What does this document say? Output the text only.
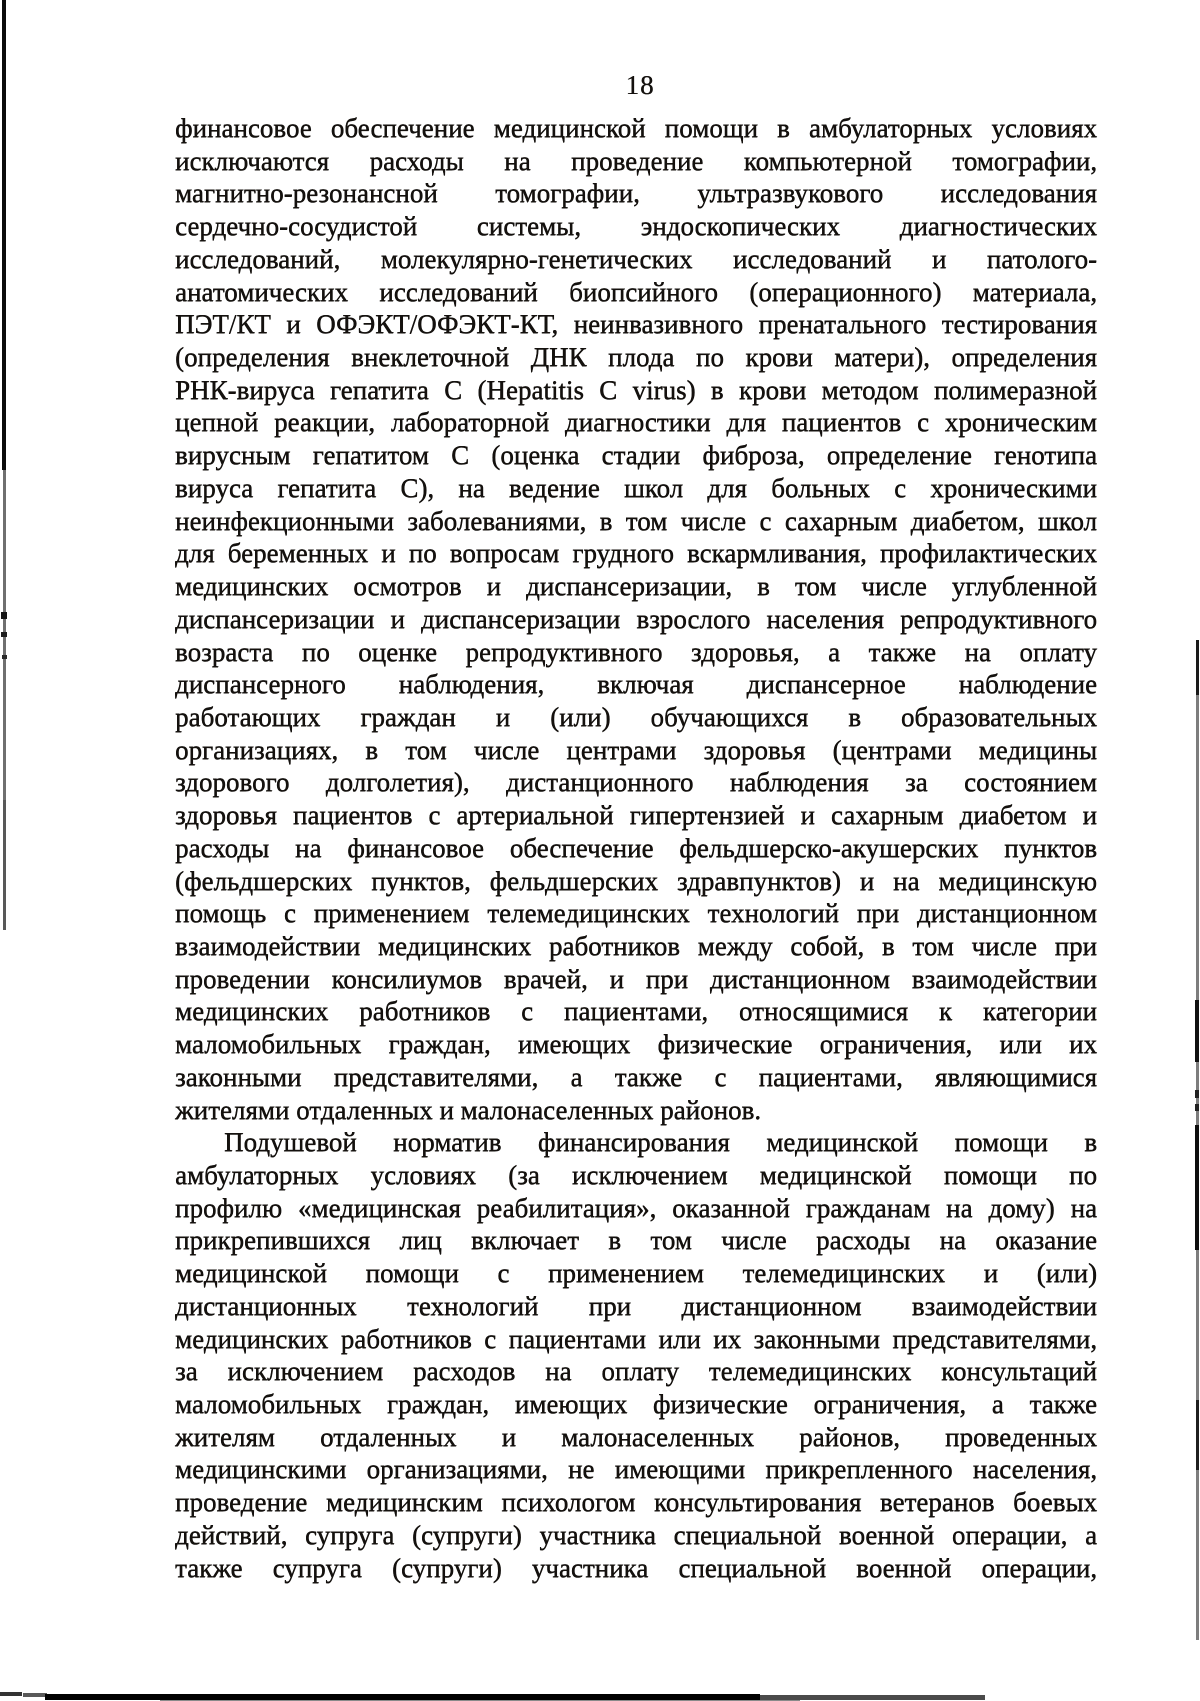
18
финансовое обеспечение медицинской помощи в амбулаторных условиях
исключаются расходы на проведение компьютерной томографии,
магнитно-резонансной томографии, ультразвукового исследования
сердечно-сосудистой системы, эндоскопических диагностических
исследований, молекулярно-генетических исследований и патолого-
анатомических исследований биопсийного (операционного) материала,
ПЭТ/КТ и ОФЭКТ/ОФЭКТ-КТ, неинвазивного пренатального тестирования
(определения внеклеточной ДНК плода по крови матери), определения
РНК-вируса гепатита C (Hepatitis C virus) в крови методом полимеразной
цепной реакции, лабораторной диагностики для пациентов с хроническим
вирусным гепатитом C (оценка стадии фиброза, определение генотипа
вируса гепатита C), на ведение школ для больных с хроническими
неинфекционными заболеваниями, в том числе с сахарным диабетом, школ
для беременных и по вопросам грудного вскармливания, профилактических
медицинских осмотров и диспансеризации, в том числе углубленной
диспансеризации и диспансеризации взрослого населения репродуктивного
возраста по оценке репродуктивного здоровья, а также на оплату
диспансерного наблюдения, включая диспансерное наблюдение
работающих граждан и (или) обучающихся в образовательных
организациях, в том числе центрами здоровья (центрами медицины
здорового долголетия), дистанционного наблюдения за состоянием
здоровья пациентов с артериальной гипертензией и сахарным диабетом и
расходы на финансовое обеспечение фельдшерско-акушерских пунктов
(фельдшерских пунктов, фельдшерских здравпунктов) и на медицинскую
помощь с применением телемедицинских технологий при дистанционном
взаимодействии медицинских работников между собой, в том числе при
проведении консилиумов врачей, и при дистанционном взаимодействии
медицинских работников с пациентами, относящимися к категории
маломобильных граждан, имеющих физические ограничения, или их
законными представителями, а также с пациентами, являющимися
жителями отдаленных и малонаселенных районов.
Подушевой норматив финансирования медицинской помощи в
амбулаторных условиях (за исключением медицинской помощи по
профилю «медицинская реабилитация», оказанной гражданам на дому) на
прикрепившихся лиц включает в том числе расходы на оказание
медицинской помощи с применением телемедицинских и (или)
дистанционных технологий при дистанционном взаимодействии
медицинских работников с пациентами или их законными представителями,
за исключением расходов на оплату телемедицинских консультаций
маломобильных граждан, имеющих физические ограничения, а также
жителям отдаленных и малонаселенных районов, проведенных
медицинскими организациями, не имеющими прикрепленного населения,
проведение медицинским психологом консультирования ветеранов боевых
действий, супруга (супруги) участника специальной военной операции, а
также супруга (супруги) участника специальной военной операции,
